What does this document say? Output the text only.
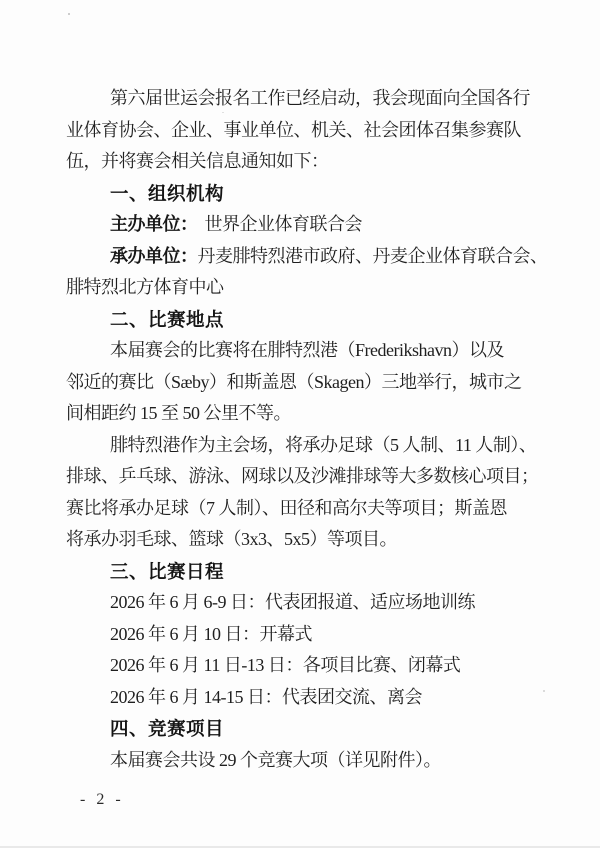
第六届世运会报名工作已经启动，我会现面向全国各行
业体育协会、企业、事业单位、机关、社会团体召集参赛队
伍，并将赛会相关信息通知如下：
一、组织机构
主办单位： 世界企业体育联合会
承办单位：丹麦腓特烈港市政府、丹麦企业体育联合会、
腓特烈北方体育中心
二、比赛地点
本届赛会的比赛将在腓特烈港（Frederikshavn）以及
邻近的赛比（Sæby）和斯盖恩（Skagen）三地举行，城市之
间相距约 15 至 50 公里不等。
腓特烈港作为主会场，将承办足球（5 人制、11 人制）、
排球、乒乓球、游泳、网球以及沙滩排球等大多数核心项目；
赛比将承办足球（7 人制）、田径和高尔夫等项目；斯盖恩
将承办羽毛球、篮球（3x3、5x5）等项目。
三、比赛日程
2026 年 6 月 6-9 日：代表团报道、适应场地训练
2026 年 6 月 10 日：开幕式
2026 年 6 月 11 日-13 日：各项目比赛、闭幕式
2026 年 6 月 14-15 日：代表团交流、离会
四、竞赛项目
本届赛会共设 29 个竞赛大项（详见附件）。
- 2 -
